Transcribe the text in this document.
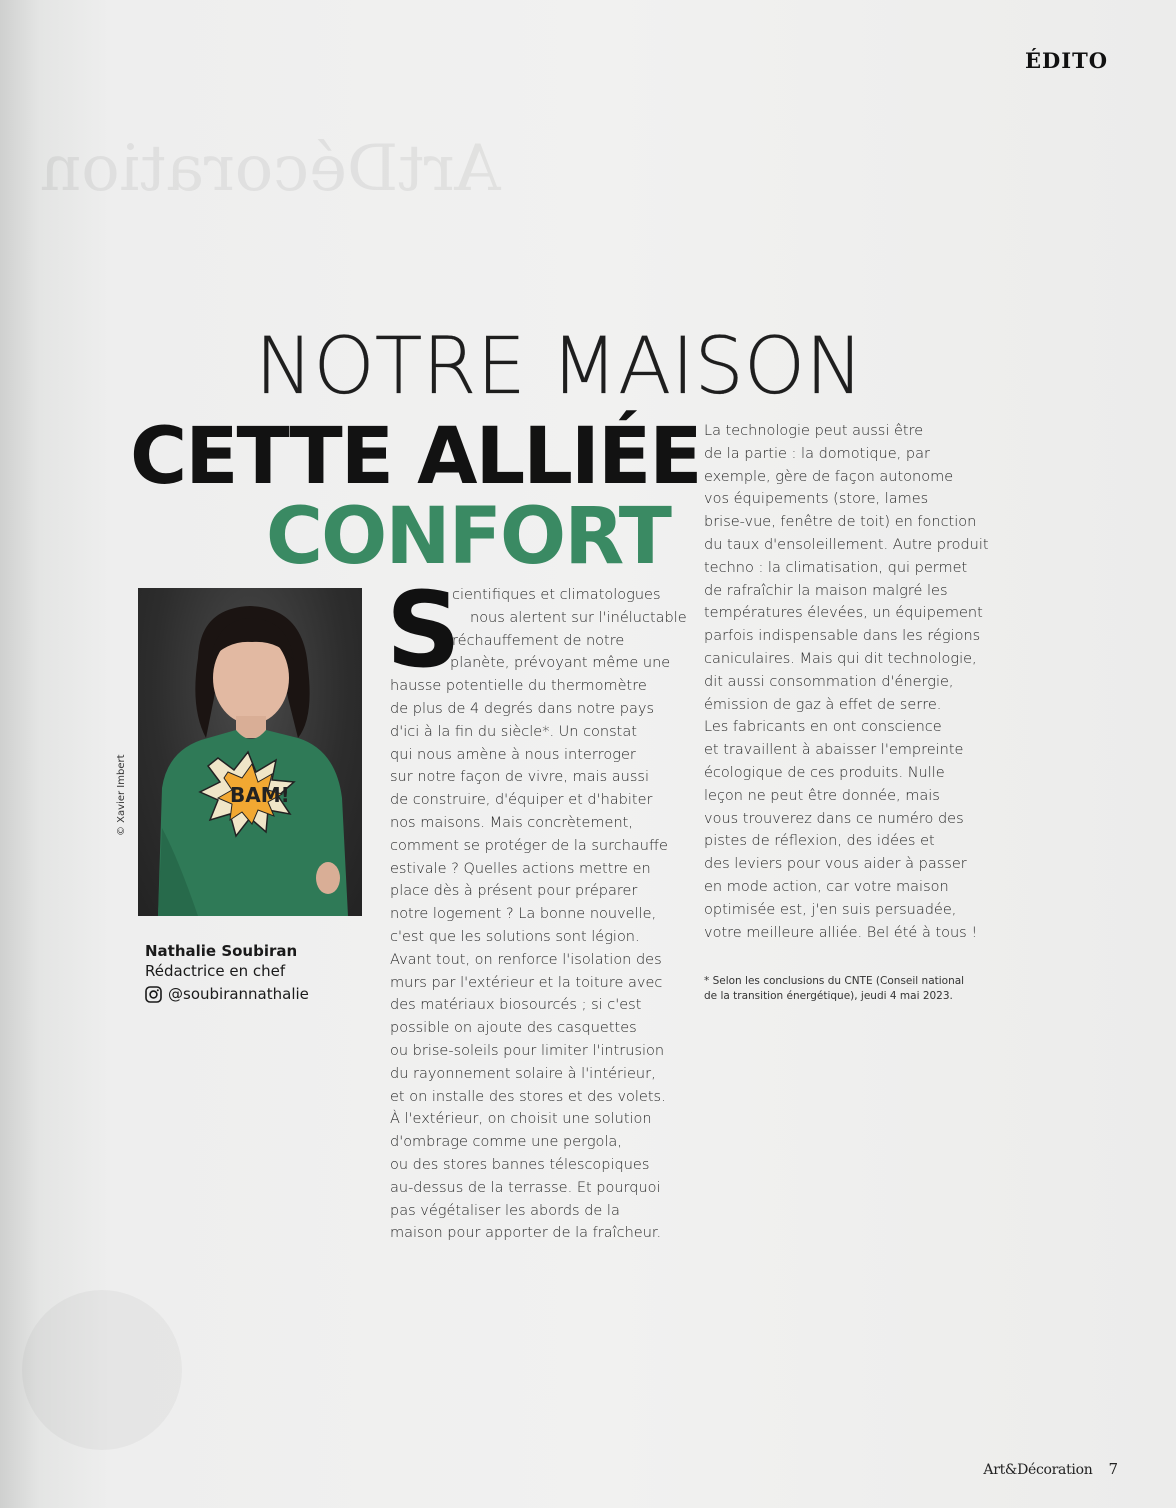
ArtDécoration
ÉDITO
NOTRE MAISON
CETTE ALLIÉE
CONFORT
BAM!
© Xavier Imbert
Nathalie Soubiran
Rédactrice en chef
@soubirannathalie
S
cientifiques et climatologues
nous alertent sur l'inéluctable
réchauffement de notre
planète, prévoyant même une
hausse potentielle du thermomètre
de plus de 4 degrés dans notre pays
d'ici à la fin du siècle*. Un constat
qui nous amène à nous interroger
sur notre façon de vivre, mais aussi
de construire, d'équiper et d'habiter
nos maisons. Mais concrètement,
comment se protéger de la surchauffe
estivale ? Quelles actions mettre en
place dès à présent pour préparer
notre logement ? La bonne nouvelle,
c'est que les solutions sont légion.
Avant tout, on renforce l'isolation des
murs par l'extérieur et la toiture avec
des matériaux biosourcés ; si c'est
possible on ajoute des casquettes
ou brise-soleils pour limiter l'intrusion
du rayonnement solaire à l'intérieur,
et on installe des stores et des volets.
À l'extérieur, on choisit une solution
d'ombrage comme une pergola,
ou des stores bannes télescopiques
au-dessus de la terrasse. Et pourquoi
pas végétaliser les abords de la
maison pour apporter de la fraîcheur.
La technologie peut aussi être
de la partie : la domotique, par
exemple, gère de façon autonome
vos équipements (store, lames
brise-vue, fenêtre de toit) en fonction
du taux d'ensoleillement. Autre produit
techno : la climatisation, qui permet
de rafraîchir la maison malgré les
températures élevées, un équipement
parfois indispensable dans les régions
caniculaires. Mais qui dit technologie,
dit aussi consommation d'énergie,
émission de gaz à effet de serre.
Les fabricants en ont conscience
et travaillent à abaisser l'empreinte
écologique de ces produits. Nulle
leçon ne peut être donnée, mais
vous trouverez dans ce numéro des
pistes de réflexion, des idées et
des leviers pour vous aider à passer
en mode action, car votre maison
optimisée est, j'en suis persuadée,
votre meilleure alliée. Bel été à tous !
* Selon les conclusions du CNTE (Conseil national
de la transition énergétique), jeudi 4 mai 2023.
Art&Décoration 7
